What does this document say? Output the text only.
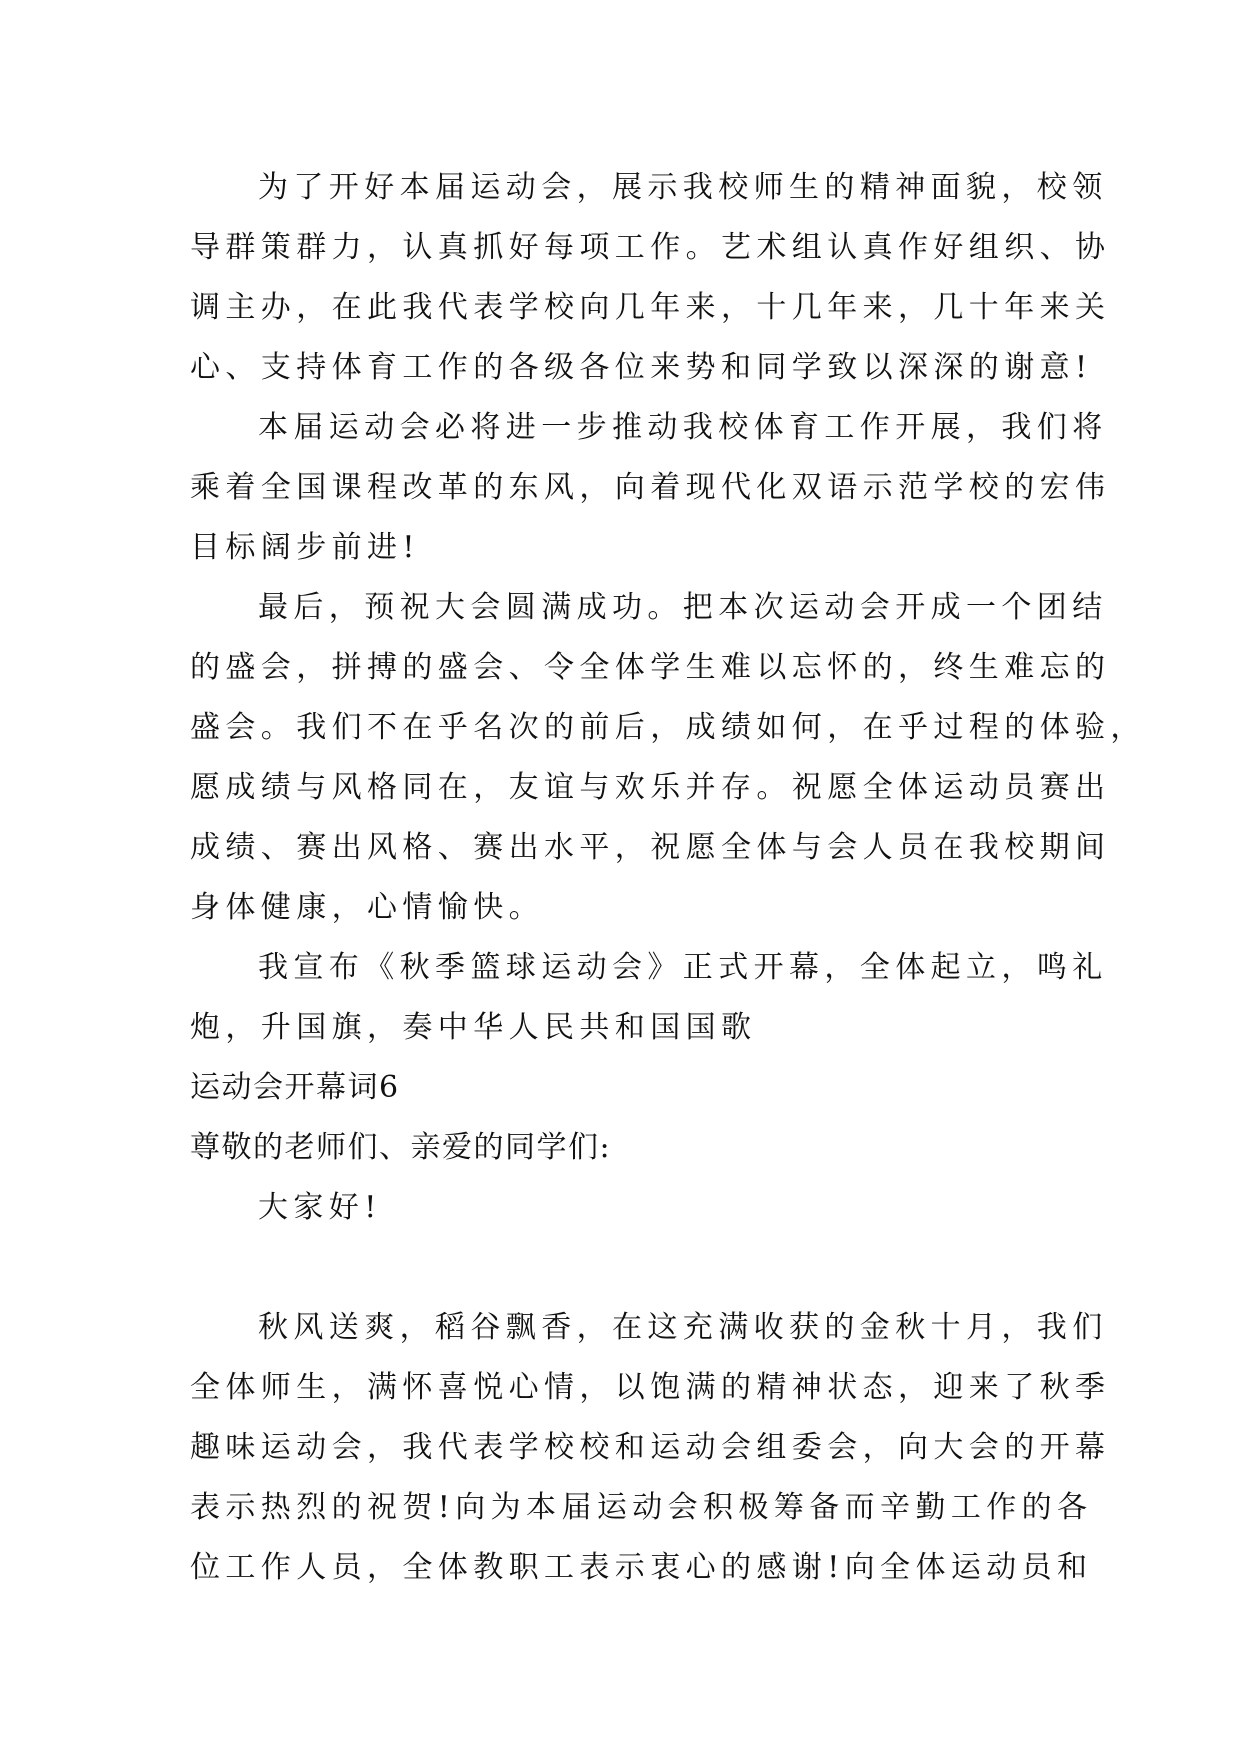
为了开好本届运动会，展示我校师生的精神面貌，校领
导群策群力，认真抓好每项工作。艺术组认真作好组织、协
调主办，在此我代表学校向几年来，十几年来，几十年来关
心、支持体育工作的各级各位来势和同学致以深深的谢意!
本届运动会必将进一步推动我校体育工作开展，我们将
乘着全国课程改革的东风，向着现代化双语示范学校的宏伟
目标阔步前进!
最后，预祝大会圆满成功。把本次运动会开成一个团结
的盛会，拼搏的盛会、令全体学生难以忘怀的，终生难忘的
盛会。我们不在乎名次的前后，成绩如何，在乎过程的体验，
愿成绩与风格同在，友谊与欢乐并存。祝愿全体运动员赛出
成绩、赛出风格、赛出水平，祝愿全体与会人员在我校期间
身体健康，心情愉快。
我宣布《秋季篮球运动会》正式开幕，全体起立，鸣礼
炮，升国旗，奏中华人民共和国国歌
运动会开幕词6
尊敬的老师们、亲爱的同学们:
大家好!
秋风送爽，稻谷飘香，在这充满收获的金秋十月，我们
全体师生，满怀喜悦心情，以饱满的精神状态，迎来了秋季
趣味运动会，我代表学校校和运动会组委会，向大会的开幕
表示热烈的祝贺!向为本届运动会积极筹备而辛勤工作的各
位工作人员，全体教职工表示衷心的感谢!向全体运动员和
